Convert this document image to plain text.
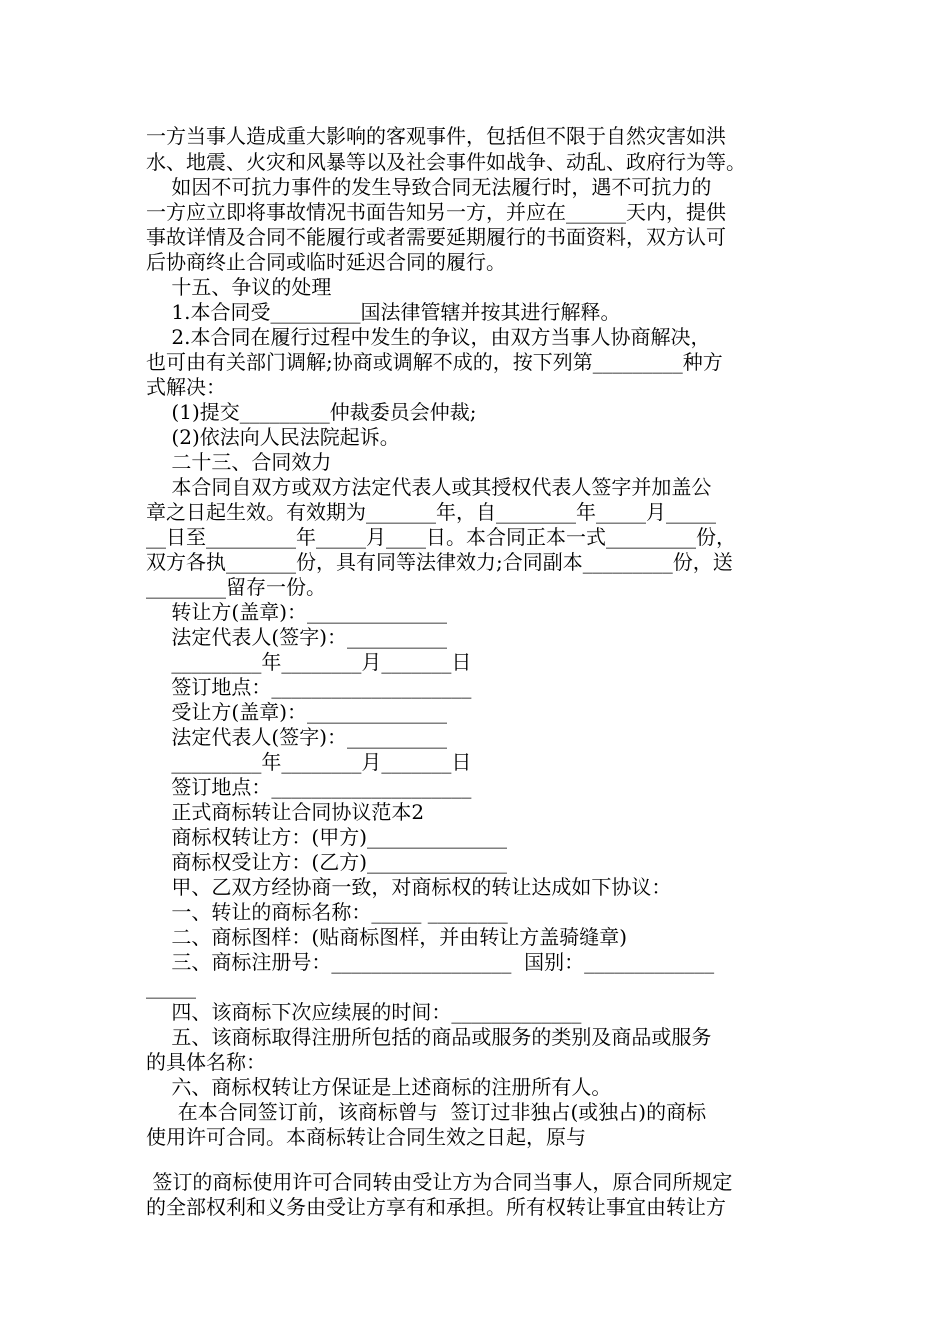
一方当事人造成重大影响的客观事件，包括但不限于自然灾害如洪
水、地震、火灾和风暴等以及社会事件如战争、动乱、政府行为等。
如因不可抗力事件的发生导致合同无法履行时，遇不可抗力的
一方应立即将事故情况书面告知另一方，并应在______天内，提供
事故详情及合同不能履行或者需要延期履行的书面资料，双方认可
后协商终止合同或临时延迟合同的履行。
十五、争议的处理
1.本合同受_________国法律管辖并按其进行解释。
2.本合同在履行过程中发生的争议，由双方当事人协商解决，
也可由有关部门调解;协商或调解不成的，按下列第_________种方
式解决：
(1)提交_________仲裁委员会仲裁;
(2)依法向人民法院起诉。
二十三、合同效力
本合同自双方或双方法定代表人或其授权代表人签字并加盖公
章之日起生效。有效期为_______年，自________年_____月_____
__日至_________年_____月____日。本合同正本一式_________份，
双方各执_______份，具有同等法律效力;合同副本_________份，送
________留存一份。
转让方(盖章)：______________
法定代表人(签字)：__________
_________年________月_______日
签订地点：____________________
受让方(盖章)：______________
法定代表人(签字)：__________
_________年________月_______日
签订地点：____________________
正式商标转让合同协议范本2
商标权转让方：(甲方)______________
商标权受让方：(乙方)______________
甲、乙双方经协商一致，对商标权的转让达成如下协议：
一、转让的商标名称：_____ ________
二、商标图样：(贴商标图样，并由转让方盖骑缝章)
三、商标注册号：__________________  国别：_____________
_____
四、该商标下次应续展的时间：_____________
五、该商标取得注册所包括的商品或服务的类别及商品或服务
的具体名称：
六、商标权转让方保证是上述商标的注册所有人。
在本合同签订前，该商标曾与  签订过非独占(或独占)的商标
使用许可合同。本商标转让合同生效之日起，原与
签订的商标使用许可合同转由受让方为合同当事人，原合同所规定
的全部权利和义务由受让方享有和承担。所有权转让事宜由转让方
